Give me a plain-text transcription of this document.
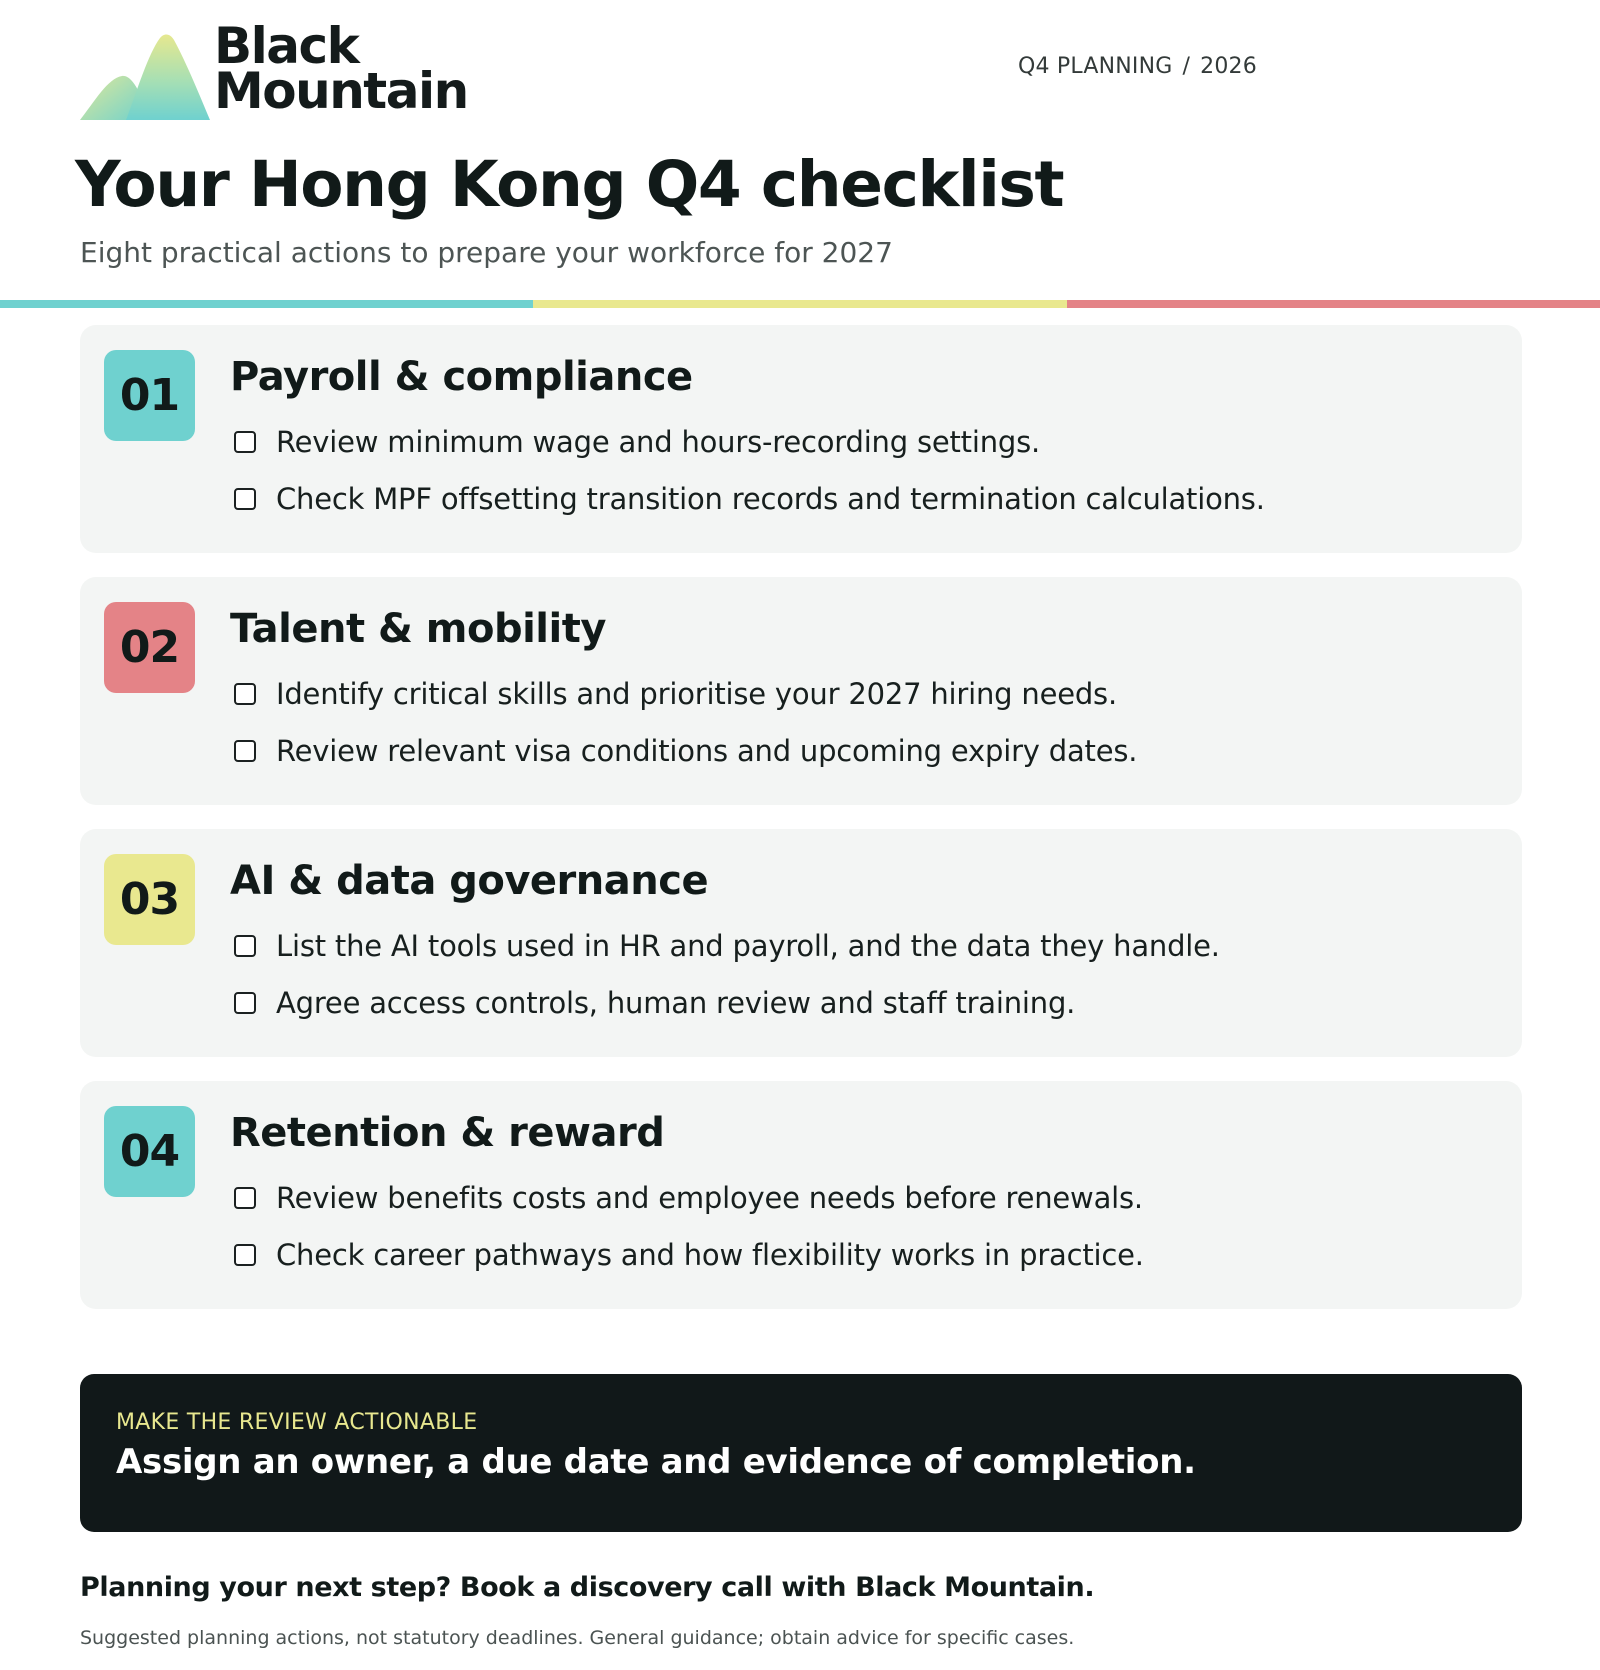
Black
Mountain	Q4 PLANNING / 2026
Your Hong Kong Q4 checklist
Eight practical actions to prepare your workforce for 2027
01	Payroll & compliance
Review minimum wage and hours-recording settings.
Check MPF offsetting transition records and termination calculations.
02	Talent & mobility
Identify critical skills and prioritise your 2027 hiring needs.
Review relevant visa conditions and upcoming expiry dates.
03	AI & data governance
List the AI tools used in HR and payroll, and the data they handle.
Agree access controls, human review and staff training.
04	Retention & reward
Review benefits costs and employee needs before renewals.
Check career pathways and how flexibility works in practice.
MAKE THE REVIEW ACTIONABLE
Assign an owner, a due date and evidence of completion.
Planning your next step? Book a discovery call with Black Mountain.
Suggested planning actions, not statutory deadlines. General guidance; obtain advice for specific cases.
